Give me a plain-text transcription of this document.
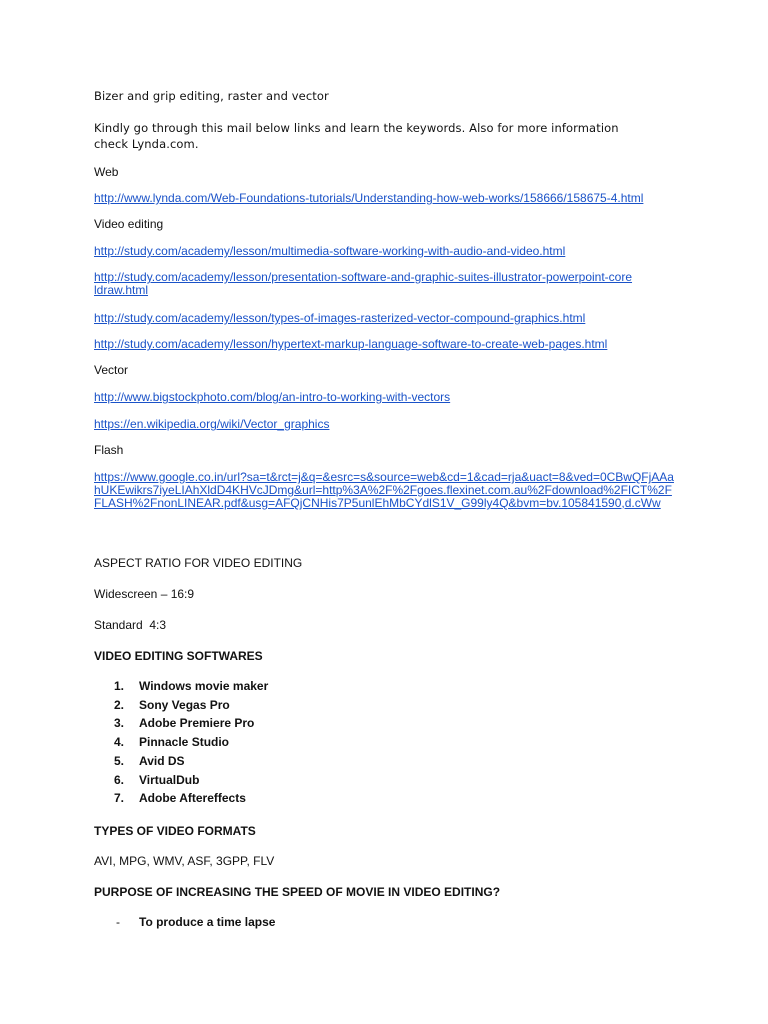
Bizer and grip editing, raster and vector
Kindly go through this mail below links and learn the keywords. Also for more information check Lynda.com.
Web
http://www.lynda.com/Web-Foundations-tutorials/Understanding-how-web-works/158666/158675-4.html
Video editing
http://study.com/academy/lesson/multimedia-software-working-with-audio-and-video.html
http://study.com/academy/lesson/presentation-software-and-graphic-suites-illustrator-powerpoint-coreldraw.html
http://study.com/academy/lesson/types-of-images-rasterized-vector-compound-graphics.html
http://study.com/academy/lesson/hypertext-markup-language-software-to-create-web-pages.html
Vector
http://www.bigstockphoto.com/blog/an-intro-to-working-with-vectors
https://en.wikipedia.org/wiki/Vector_graphics
Flash
https://www.google.co.in/url?sa=t&rct=j&q=&esrc=s&source=web&cd=1&cad=rja&uact=8&ved=0CBwQFjAAahUKEwikrs7iyeLIAhXldD4KHVcJDmg&url=http%3A%2F%2Fgoes.flexinet.com.au%2Fdownload%2FICT%2FFLASH%2FnonLINEAR.pdf&usg=AFQjCNHis7P5unlEhMbCYdlS1V_G99ly4Q&bvm=bv.105841590,d.cWw
ASPECT RATIO FOR VIDEO EDITING
Widescreen – 16:9
Standard  4:3
VIDEO EDITING SOFTWARES
1.	Windows movie maker
2.	Sony Vegas Pro
3.	Adobe Premiere Pro
4.	Pinnacle Studio
5.	Avid DS
6.	VirtualDub
7.	Adobe Aftereffects
TYPES OF VIDEO FORMATS
AVI, MPG, WMV, ASF, 3GPP, FLV
PURPOSE OF INCREASING THE SPEED OF MOVIE IN VIDEO EDITING?
- To produce a time lapse
